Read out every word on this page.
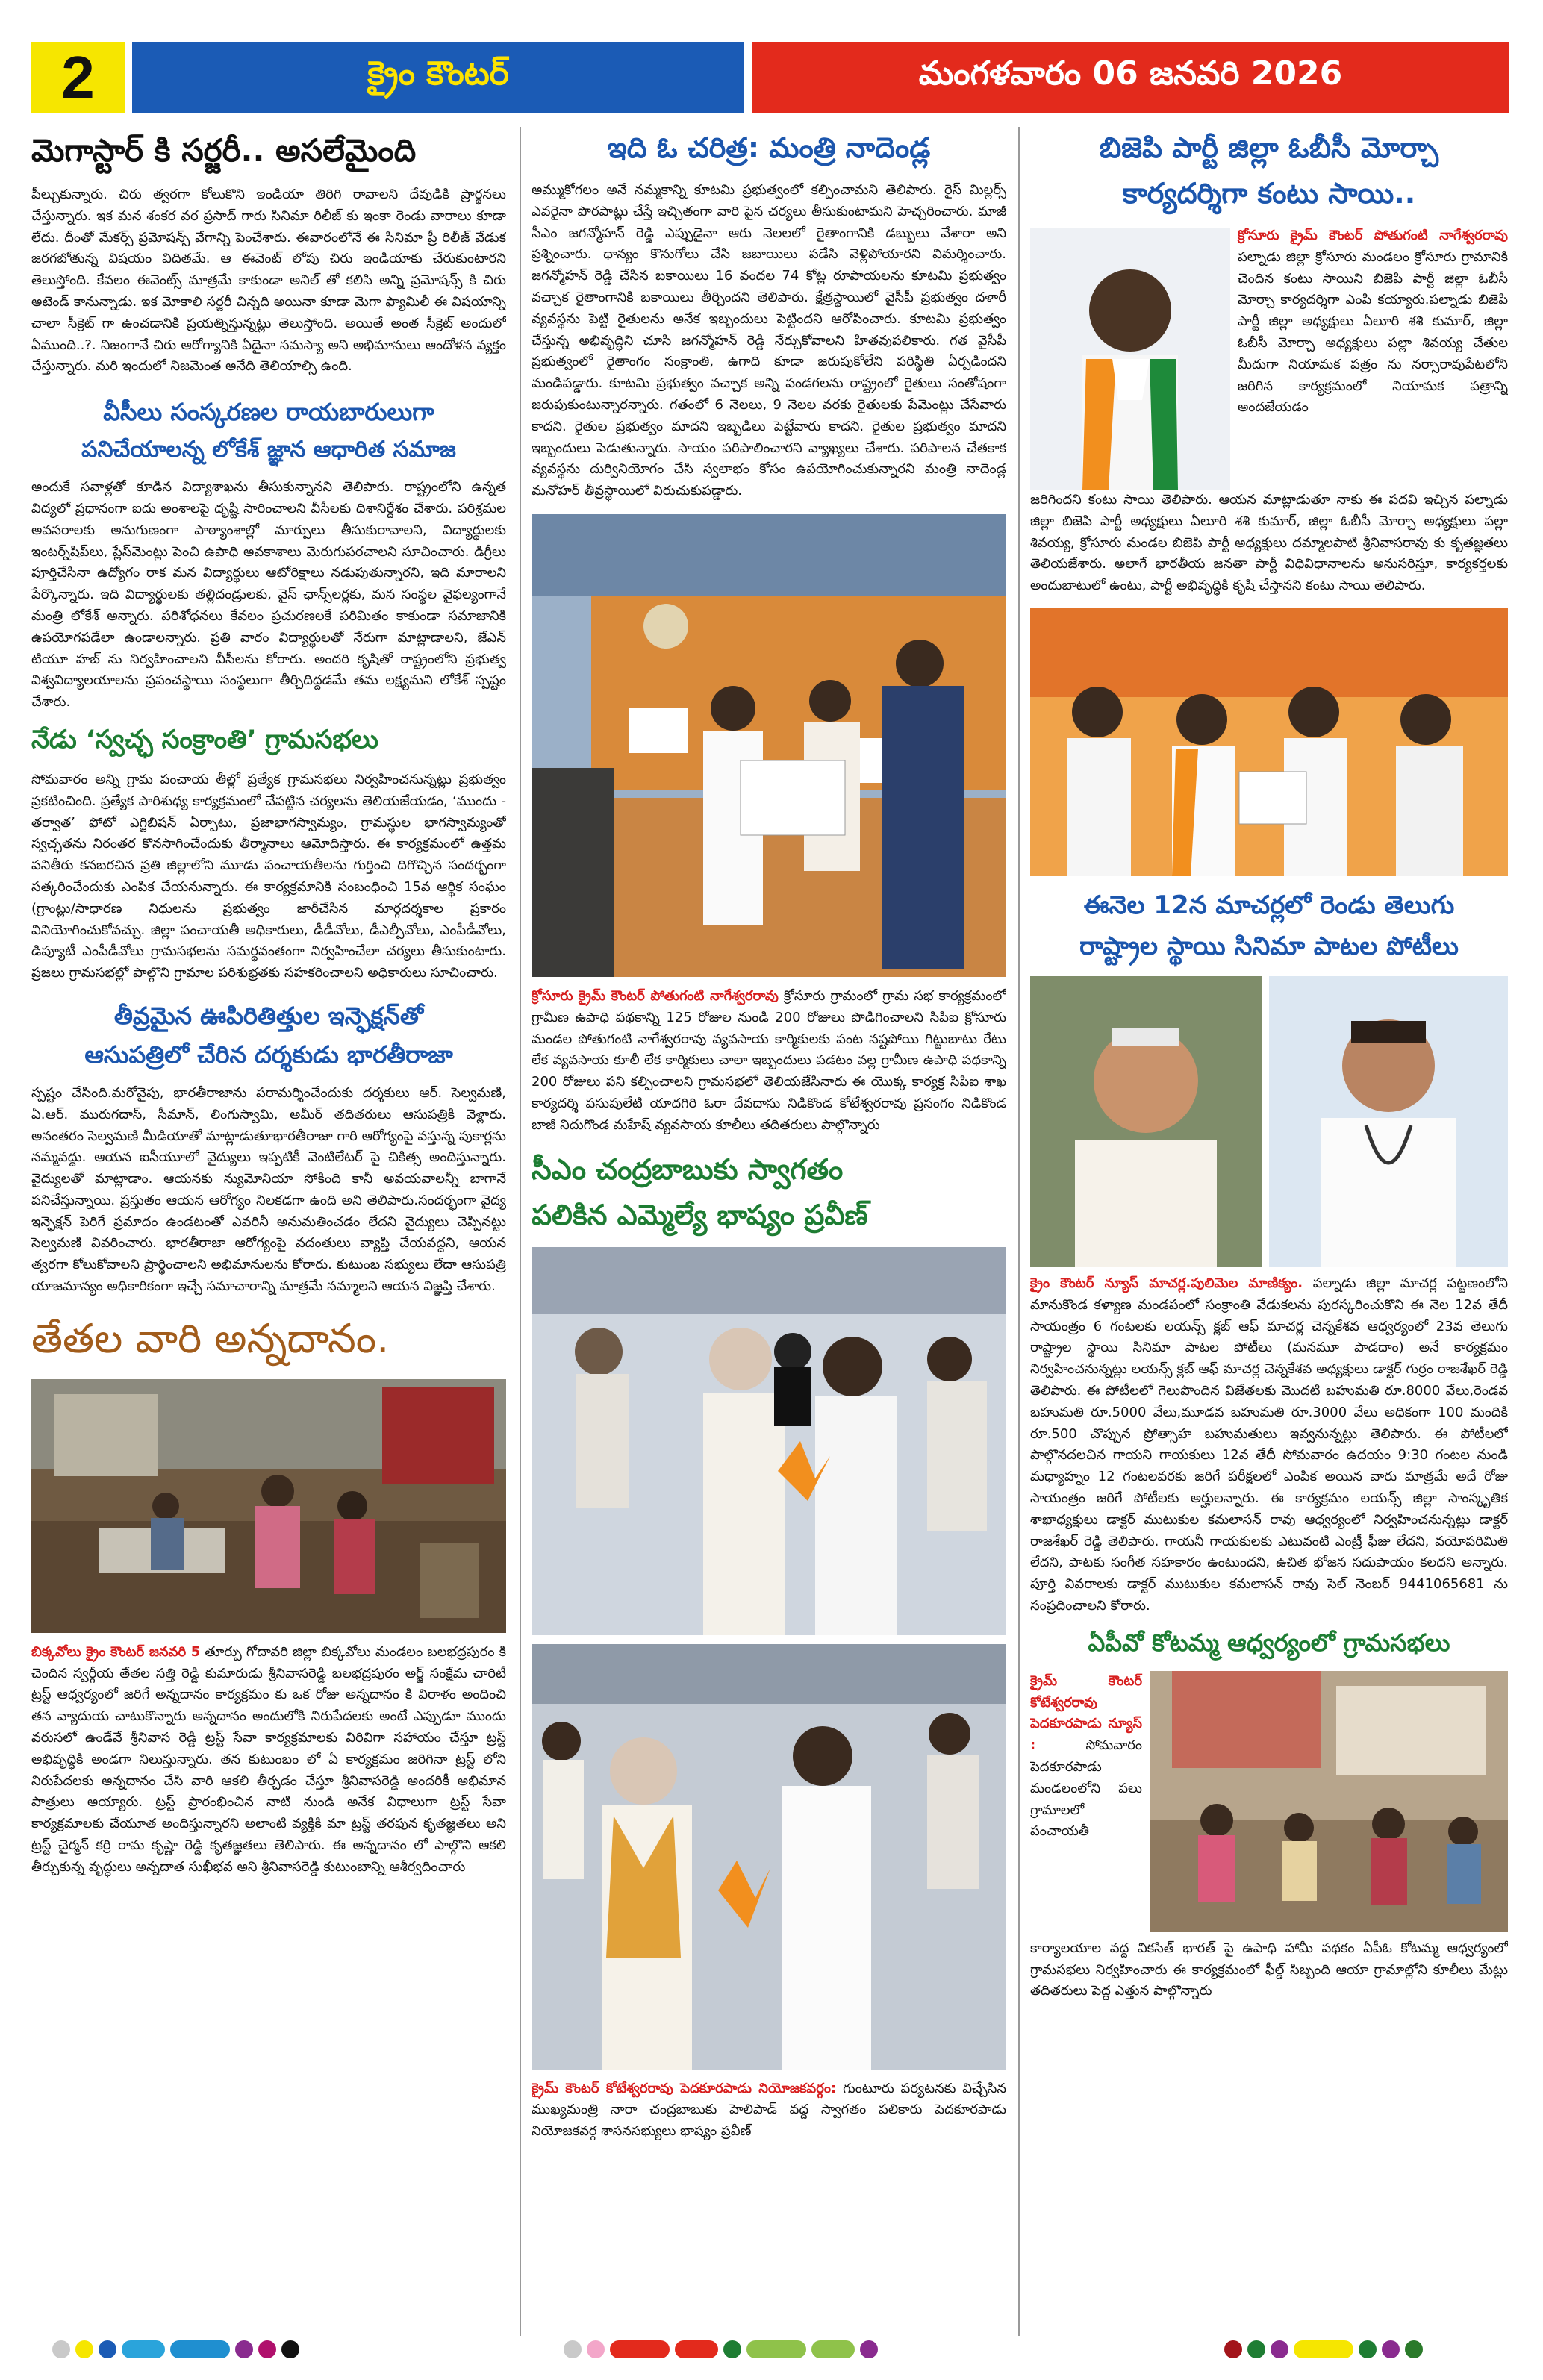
2	క్రైం కౌంటర్	మంగళవారం 06 జనవరి 2026
మెగాస్టార్ కి సర్జరీ.. అసలేమైంది

పీల్చుకున్నారు. చిరు త్వరగా కోలుకొని ఇండియా తిరిగి రావాలని దేవుడికి ప్రార్థనలు చేస్తున్నారు. ఇక మన శంకర వర ప్రసాద్ గారు సినిమా రిలీజ్ కు ఇంకా రెండు వారాలు కూడా లేదు. దీంతో మేకర్స్ ప్రమోషన్స్ వేగాన్ని పెంచేశారు. ఈవారంలోనే ఈ సినిమా ప్రీ రిలీజ్ వేడుక జరగబోతున్న విషయం విదితమే. ఆ ఈవెంట్ లోపు చిరు ఇండియాకు చేరుకుంటారని తెలుస్తోంది. కేవలం ఈవెంట్స్ మాత్రమే కాకుండా అనిల్ తో కలిసి అన్ని ప్రమోషన్స్ కి చిరు అటెండ్ కానున్నాడు. ఇక మోకాలి సర్జరీ చిన్నది అయినా కూడా మెగా ఫ్యామిలీ ఈ విషయాన్ని చాలా సీక్రెట్ గా ఉంచడానికి ప్రయత్నిస్తున్నట్లు తెలుస్తోంది. అయితే అంత సీక్రెట్ అందులో ఏముంది..?. నిజంగానే చిరు ఆరోగ్యానికి ఏదైనా సమస్యా అని అభిమానులు ఆందోళన వ్యక్తం చేస్తున్నారు. మరి ఇందులో నిజమెంత అనేది తెలియాల్సి ఉంది.

వీసీలు సంస్కరణల రాయబారులుగా
పనిచేయాలన్న లోకేశ్ జ్ఞాన ఆధారిత సమాజ

అందుకే సవాళ్లతో కూడిన విద్యాశాఖను తీసుకున్నానని తెలిపారు. రాష్ట్రంలోని ఉన్నత విద్యలో ప్రధానంగా ఐదు అంశాలపై దృష్టి సారించాలని వీసీలకు దిశానిర్దేశం చేశారు. పరిశ్రమల అవసరాలకు అనుగుణంగా పాఠ్యాంశాల్లో మార్పులు తీసుకురావాలని, విద్యార్థులకు ఇంటర్న్‌షిప్‌లు, ప్లేస్‌మెంట్లు పెంచి ఉపాధి అవకాశాలు మెరుగుపరచాలని సూచించారు. డిగ్రీలు పూర్తిచేసినా ఉద్యోగం రాక మన విద్యార్థులు ఆటోరిక్షాలు నడుపుతున్నారని, ఇది మారాలని పేర్కొన్నారు. ఇది విద్యార్థులకు తల్లిదండ్రులకు, వైస్ ఛాన్స్‌లర్లకు, మన సంస్థల వైఫల్యంగానే మంత్రి లోకేశ్ అన్నారు. పరిశోధనలు కేవలం ప్రచురణలకే పరిమితం కాకుండా సమాజానికి ఉపయోగపడేలా ఉండాలన్నారు. ప్రతి వారం విద్యార్థులతో నేరుగా మాట్లాడాలని, జేఎన్ టియూ హబ్ ను నిర్వహించాలని వీసీలను కోరారు. అందరి కృషితో రాష్ట్రంలోని ప్రభుత్వ విశ్వవిద్యాలయాలను ప్రపంచస్థాయి సంస్థలుగా తీర్చిదిద్దడమే తమ లక్ష్యమని లోకేశ్ స్పష్టం చేశారు.

నేడు ‘స్వచ్ఛ సంక్రాంతి’ గ్రామసభలు

సోమవారం అన్ని గ్రామ పంచాయ తీల్లో ప్రత్యేక గ్రామసభలు నిర్వహించనున్నట్లు ప్రభుత్వం ప్రకటించింది. ప్రత్యేక పారిశుధ్య కార్యక్రమంలో చేపట్టిన చర్యలను తెలియజేయడం, ‘ముందు - తర్వాత’ ఫోటో ఎగ్జిబిషన్ ఏర్పాటు, ప్రజాభాగస్వామ్యం, గ్రామస్థుల భాగస్వామ్యంతో స్వచ్ఛతను నిరంతర కొనసాగించేందుకు తీర్మానాలు ఆమోదిస్తారు. ఈ కార్యక్రమంలో ఉత్తమ పనితీరు కనబరచిన ప్రతి జిల్లాలోని మూడు పంచాయతీలను గుర్తించి దిగొచ్చిన సందర్భంగా సత్కరించేందుకు ఎంపిక చేయనున్నారు. ఈ కార్యక్రమానికి సంబంధించి 15వ ఆర్థిక సంఘం (గ్రాంట్లు/సాధారణ నిధులను ప్రభుత్వం జారీచేసిన మార్గదర్శకాల ప్రకారం వినియోగించుకోవచ్చు. జిల్లా పంచాయతీ అధికారులు, డీడీవోలు, డీఎల్పీవోలు, ఎంపీడీవోలు, డిప్యూటీ ఎంపీడీవోలు గ్రామసభలను సమర్థవంతంగా నిర్వహించేలా చర్యలు తీసుకుంటారు. ప్రజలు గ్రామసభల్లో పాల్గొని గ్రామాల పరిశుభ్రతకు సహకరించాలని అధికారులు సూచించారు.

తీవ్రమైన ఊపిరితిత్తుల ఇన్ఫెక్షన్‌తో
ఆసుపత్రిలో చేరిన దర్శకుడు భారతీరాజా

స్పష్టం చేసింది.మరోవైపు, భారతీరాజాను పరామర్శించేందుకు దర్శకులు ఆర్. సెల్వమణి, ఏ.ఆర్. మురుగదాస్, సీమాన్, లింగుస్వామి, అమీర్ తదితరులు ఆసుపత్రికి వెళ్లారు. అనంతరం సెల్వమణి మీడియాతో మాట్లాడుతూభారతీరాజా గారి ఆరోగ్యంపై వస్తున్న పుకార్లను నమ్మవద్దు. ఆయన ఐసీయూలో వైద్యులు ఇప్పటికీ వెంటిలేటర్ పై చికిత్స అందిస్తున్నారు. వైద్యులతో మాట్లాడాం. ఆయనకు న్యుమోనియా సోకింది కానీ అవయవాలన్నీ బాగానే పనిచేస్తున్నాయి. ప్రస్తుతం ఆయన ఆరోగ్యం నిలకడగా ఉంది అని తెలిపారు.సందర్భంగా వైద్య ఇన్ఫెక్షన్ పెరిగే ప్రమాదం ఉండటంతో ఎవరినీ అనుమతించడం లేదని వైద్యులు చెప్పినట్టు సెల్వమణి వివరించారు. భారతీరాజా ఆరోగ్యంపై వదంతులు వ్యాప్తి చేయవద్దని, ఆయన త్వరగా కోలుకోవాలని ప్రార్థించాలని అభిమానులను కోరారు. కుటుంబ సభ్యులు లేదా ఆసుపత్రి యాజమాన్యం అధికారికంగా ఇచ్చే సమాచారాన్ని మాత్రమే నమ్మాలని ఆయన విజ్ఞప్తి చేశారు.

తేతల వారి అన్నదానం.

బిక్కవోలు క్రైం కౌంటర్ జనవరి 5 తూర్పు గోదావరి జిల్లా బిక్కవోలు మండలం బలభద్రపురం కి చెందిన స్వర్గీయ తేతల సత్తి రెడ్డి కుమారుడు శ్రీనివాసరెడ్డి బలభద్రపురం అర్జ్ సంక్షేమ చారిటీ ట్రస్ట్ ఆధ్వర్యంలో జరిగే అన్నదానం కార్యక్రమం కు ఒక రోజు అన్నదానం కి విరాళం అందించి తన వ్యాదుయ చాటుకొన్నారు అన్నదానం అందులోకి నిరుపేదలకు అంటే ఎప్పుడూ ముందు వరుసలో ఉండేవే శ్రీనివాస రెడ్డి ట్రస్ట్ సేవా కార్యక్రమాలకు విరివిగా సహాయం చేస్తూ ట్రస్ట్ అభివృద్ధికి అండగా నిలుస్తున్నారు. తన కుటుంబం లో ఏ కార్యక్రమం జరిగినా ట్రస్ట్ లోని నిరుపేదలకు అన్నదానం చేసి వారి ఆకలి తీర్చడం చేస్తూ శ్రీనివాసరెడ్డి అందరికీ అభిమాన పాత్రులు అయ్యారు. ట్రస్ట్ ప్రారంభించిన నాటి నుండి అనేక విధాలుగా ట్రస్ట్ సేవా కార్యక్రమాలకు చేయూత అందిస్తున్నారని అలాంటి వ్యక్తికి మా ట్రస్ట్ తరఫున కృతజ్ఞతలు అని ట్రస్ట్ చైర్మన్ కర్రి రామ కృష్ణా రెడ్డి కృతజ్ఞతలు తెలిపారు. ఈ అన్నదానం లో పాల్గొని ఆకలి తీర్చుకున్న వృద్ధులు అన్నదాత సుఖీభవ అని శ్రీనివాసరెడ్డి కుటుంబాన్ని ఆశీర్వదించారు

ఇది ఓ చరిత్ర: మంత్రి నాదెండ్ల

అమ్ముకోగలం అనే నమ్మకాన్ని కూటమి ప్రభుత్వంలో కల్పించామని తెలిపారు. రైస్ మిల్లర్స్ ఎవరైనా పొరపాట్లు చేస్తే ఇచ్చితంగా వారి పైన చర్యలు తీసుకుంటామని హెచ్చరించారు. మాజీ సీఎం జగన్మోహన్ రెడ్డి ఎప్పుడైనా ఆరు నెలలలో రైతాంగానికి డబ్బులు వేశారా అని ప్రశ్నించారు. ధాన్యం కొనుగోలు చేసి జబాయిలు పడేసి వెళ్లిపోయారని విమర్శించారు. జగన్మోహన్ రెడ్డి చేసిన బకాయిలు 16 వందల 74 కోట్ల రూపాయలను కూటమి ప్రభుత్వం వచ్చాక రైతాంగానికి బకాయిలు తీర్చిందని తెలిపారు. క్షేత్రస్థాయిలో వైసీపీ ప్రభుత్వం దళారీ వ్యవస్థను పెట్టి రైతులను అనేక ఇబ్బందులు పెట్టిందని ఆరోపించారు. కూటమి ప్రభుత్వం చేస్తున్న అభివృద్ధిని చూసి జగన్మోహన్ రెడ్డి నేర్చుకోవాలని హితవుపలికారు. గత వైసీపీ ప్రభుత్వంలో రైతాంగం సంక్రాంతి, ఉగాది కూడా జరుపుకోలేని పరిస్థితి ఏర్పడిందని మండిపడ్డారు. కూటమి ప్రభుత్వం వచ్చాక అన్ని పండగలను రాష్ట్రంలో రైతులు సంతోషంగా జరుపుకుంటున్నారన్నారు. గతంలో 6 నెలలు, 9 నెలల వరకు రైతులకు పేమెంట్లు చేసేవారు కాదని. రైతుల ప్రభుత్వం మాదని ఇబ్బడిలు పెట్టేవారు కాదని. రైతుల ప్రభుత్వం మాదని ఇబ్బందులు పెడుతున్నారు. సాయం పరిపాలించారని వ్యాఖ్యలు చేశారు. పరిపాలన చేతకాక వ్యవస్థను దుర్వినియోగం చేసి స్వలాభం కోసం ఉపయోగించుకున్నారని మంత్రి నాదెండ్ల మనోహర్ తీవ్రస్థాయిలో విరుచుకుపడ్డారు.

క్రోసూరు క్రైమ్ కౌంటర్ పోతుగంటి నాగేశ్వరరావు క్రోసూరు గ్రామంలో గ్రామ సభ కార్యక్రమంలో గ్రామీణ ఉపాధి పథకాన్ని 125 రోజుల నుండి 200 రోజులు పొడిగించాలని సిపిఐ క్రోసూరు మండల పోతుగంటి నాగేశ్వరరావు వ్యవసాయ కార్మికులకు పంట నష్టపోయి గిట్టుబాటు రేటు లేక వ్యవసాయ కూలీ లేక కార్మికులు చాలా ఇబ్బందులు పడటం వల్ల గ్రామీణ ఉపాధి పథకాన్ని 200 రోజులు పని కల్పించాలని గ్రామసభలో తెలియజేసినారు ఈ యొక్క కార్యక్ర సిపిఐ శాఖ కార్యదర్శి పసుపులేటి యాదగిరి ఓరా దేవదాసు నిడికొండ కోటేశ్వరరావు ప్రసంగం నిడికొండ బాజీ నిదుగొండ మహేష్ వ్యవసాయ కూలీలు తదితరులు పాల్గొన్నారు

సీఎం చంద్రబాబుకు స్వాగతం
పలికిన ఎమ్మెల్యే భాష్యం ప్రవీణ్

క్రైమ్ కౌంటర్ కోటేశ్వరరావు పెదకూరపాడు నియోజకవర్గం: గుంటూరు పర్యటనకు విచ్చేసిన ముఖ్యమంత్రి నారా చంద్రబాబుకు హెలిపాడ్ వద్ద స్వాగతం పలికారు పెదకూరపాడు నియోజకవర్గ శాసనసభ్యులు భాష్యం ప్రవీణ్

బిజెపి పార్టీ జిల్లా ఓబీసీ మోర్చా
కార్యదర్శిగా కంటు సాయి..

క్రోసూరు క్రైమ్ కౌంటర్ పోతుగంటి నాగేశ్వరరావు పల్నాడు జిల్లా క్రోసూరు మండలం క్రోసూరు గ్రామానికి చెందిన కంటు సాయిని బిజెపి పార్టీ జిల్లా ఓబీసీ మోర్చా కార్యదర్శిగా ఎంపి కయ్యారు.పల్నాడు బిజెపి పార్టీ జిల్లా అధ్యక్షులు ఏలూరి శశి కుమార్, జిల్లా ఓబీసీ మోర్చా అధ్యక్షులు పల్లా శివయ్య చేతుల మీదుగా నియామక పత్రం ను నర్సారావుపేటలోని జరిగిన కార్యక్రమంలో నియామక పత్రాన్ని అందజేయడం

జరిగిందని కంటు సాయి తెలిపారు. ఆయన మాట్లాడుతూ నాకు ఈ పదవి ఇచ్చిన పల్నాడు జిల్లా బిజెపి పార్టీ అధ్యక్షులు ఏలూరి శశి కుమార్, జిల్లా ఓబీసీ మోర్చా అధ్యక్షులు పల్లా శివయ్య, క్రోసూరు మండల బిజెపి పార్టీ అధ్యక్షులు దమ్మాలపాటి శ్రీనివాసరావు కు కృతజ్ఞతలు తెలియజేశారు. అలాగే భారతీయ జనతా పార్టీ విధివిధానాలను అనుసరిస్తూ, కార్యకర్తలకు అందుబాటులో ఉంటు, పార్టీ అభివృద్ధికి కృషి చేస్తానని కంటు సాయి తెలిపారు.

ఈనెల 12న మాచర్లలో రెండు తెలుగు
రాష్ట్రాల స్థాయి సినిమా పాటల పోటీలు

క్రైం కౌంటర్ న్యూస్ మాచర్ల.పులిమెల మాణిక్యం. పల్నాడు జిల్లా మాచర్ల పట్టణంలోని మానుకొండ కళ్యాణ మండపంలో సంక్రాంతి వేడుకలను పురస్కరించుకొని ఈ నెల 12వ తేదీ సాయంత్రం 6 గంటలకు లయన్స్ క్లబ్ ఆఫ్ మాచర్ల చెన్నకేశవ ఆధ్వర్యంలో 23వ తెలుగు రాష్ట్రాల స్థాయి సినిమా పాటల పోటీలు (మనమూ పాడదాం) అనే కార్యక్రమం నిర్వహించనున్నట్లు లయన్స్ క్లబ్ ఆఫ్ మాచర్ల చెన్నకేశవ అధ్యక్షులు డాక్టర్ గుర్రం రాజశేఖర్ రెడ్డి తెలిపారు. ఈ పోటీలలో గెలుపొందిన విజేతలకు మొదటి బహుమతి రూ.8000 వేలు,రెండవ బహుమతి రూ.5000 వేలు,మూడవ బహుమతి రూ.3000 వేలు అధికంగా 100 మందికి రూ.500 చొప్పున ప్రోత్సాహ బహుమతులు ఇవ్వనున్నట్లు తెలిపారు. ఈ పోటీలలో పాల్గొనదలచిన గాయని గాయకులు 12వ తేదీ సోమవారం ఉదయం 9:30 గంటల నుండి మధ్యాహ్నం 12 గంటలవరకు జరిగే పరీక్షలలో ఎంపిక అయిన వారు మాత్రమే అదే రోజు సాయంత్రం జరిగే పోటీలకు అర్హులన్నారు. ఈ కార్యక్రమం లయన్స్ జిల్లా సాంస్కృతిక శాఖాధ్యక్షులు డాక్టర్ ముటుకుల కమలాసన్ రావు ఆధ్వర్యంలో నిర్వహించనున్నట్లు డాక్టర్ రాజశేఖర్ రెడ్డి తెలిపారు. గాయనీ గాయకులకు ఎటువంటి ఎంట్రీ ఫీజు లేదని, వయోపరిమితి లేదని, పాటకు సంగీత సహకారం ఉంటుందని, ఉచిత భోజన సదుపాయం కలదని అన్నారు. పూర్తి వివరాలకు డాక్టర్ ముటుకుల కమలాసన్ రావు సెల్ నెంబర్ 9441065681 ను సంప్రదించాలని కోరారు.

ఏపీవో కోటమ్మ ఆధ్వర్యంలో గ్రామసభలు

క్రైమ్ కౌంటర్ కోటేశ్వరరావు పెదకూరపాడు న్యూస్ : సోమవారం పెదకూరపాడు మండలంలోని పలు గ్రామాలలో పంచాయతీ

కార్యాలయాల వద్ద వికసిత్ భారత్ పై ఉపాధి హామీ పథకం ఏపీఓ కోటమ్మ ఆధ్వర్యంలో గ్రామసభలు నిర్వహించారు ఈ కార్యక్రమంలో ఫీల్డ్ సిబ్బంది ఆయా గ్రామాల్లోని కూలీలు మేట్లు తదితరులు పెద్ద ఎత్తున పాల్గొన్నారు
